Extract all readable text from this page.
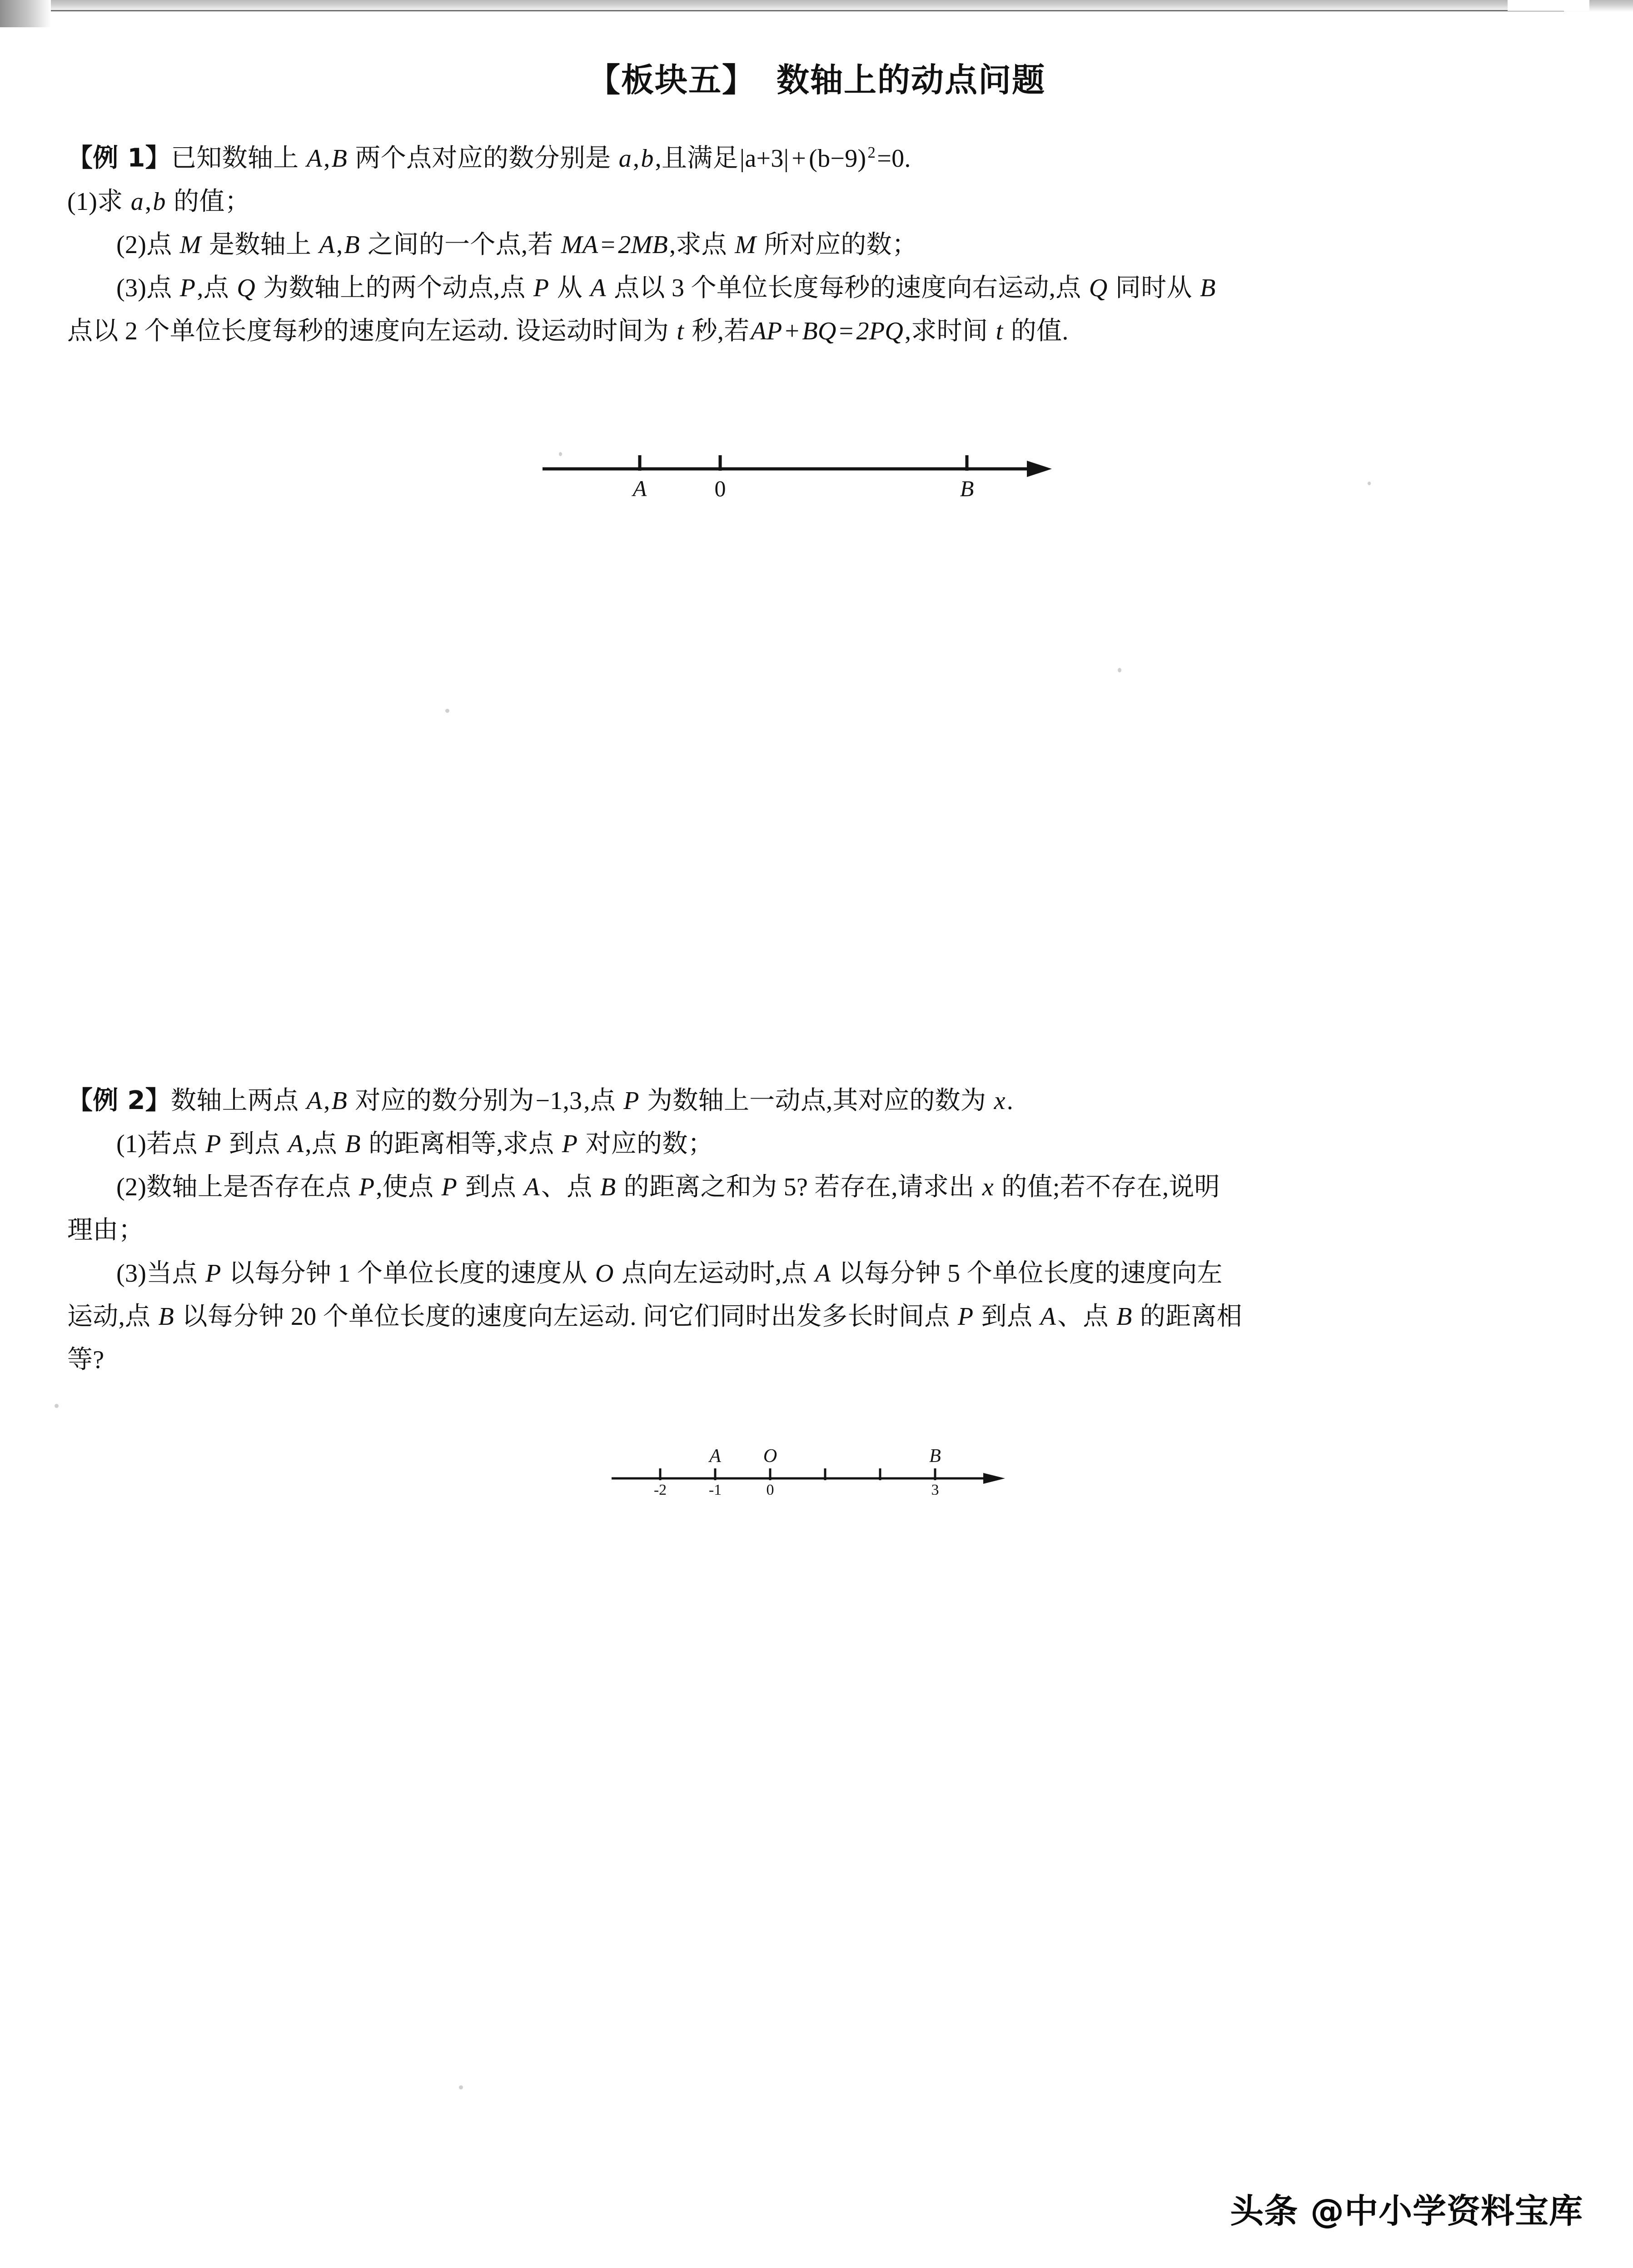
【板块五】 数轴上的动点问题
【例 1】已知数轴上 A,B 两个点对应的数分别是 a,b,且满足$|a+3| + (b-9)^2=0$.
(1)求 a,b 的值；
(2)点 M 是数轴上 A,B 之间的一个点,若 MA = 2MB,求点 M 所对应的数；
(3)点 P,点 Q 为数轴上的两个动点,点 P 从 A 点以 3 个单位长度每秒的速度向右运动,点 Q 同时从 B
点以 2 个单位长度每秒的速度向左运动. 设运动时间为 t 秒,若AP + BQ = 2PQ,求时间 t 的值.
A	0	B
【例 2】数轴上两点 A,B 对应的数分别为−1,3,点 P 为数轴上一动点,其对应的数为 x.
(1)若点 P 到点 A,点 B 的距离相等,求点 P 对应的数；
(2)数轴上是否存在点 P,使点 P 到点 A、点 B 的距离之和为 5? 若存在,请求出 x 的值;若不存在,说明
理由；
(3)当点 P 以每分钟 1 个单位长度的速度从 O 点向左运动时,点 A 以每分钟 5 个单位长度的速度向左
运动,点 B 以每分钟 20 个单位长度的速度向左运动. 问它们同时出发多长时间点 P 到点 A、点 B 的距离相
等?
A O	B
-2	-1	0	3
头条 @中小学资料宝库
